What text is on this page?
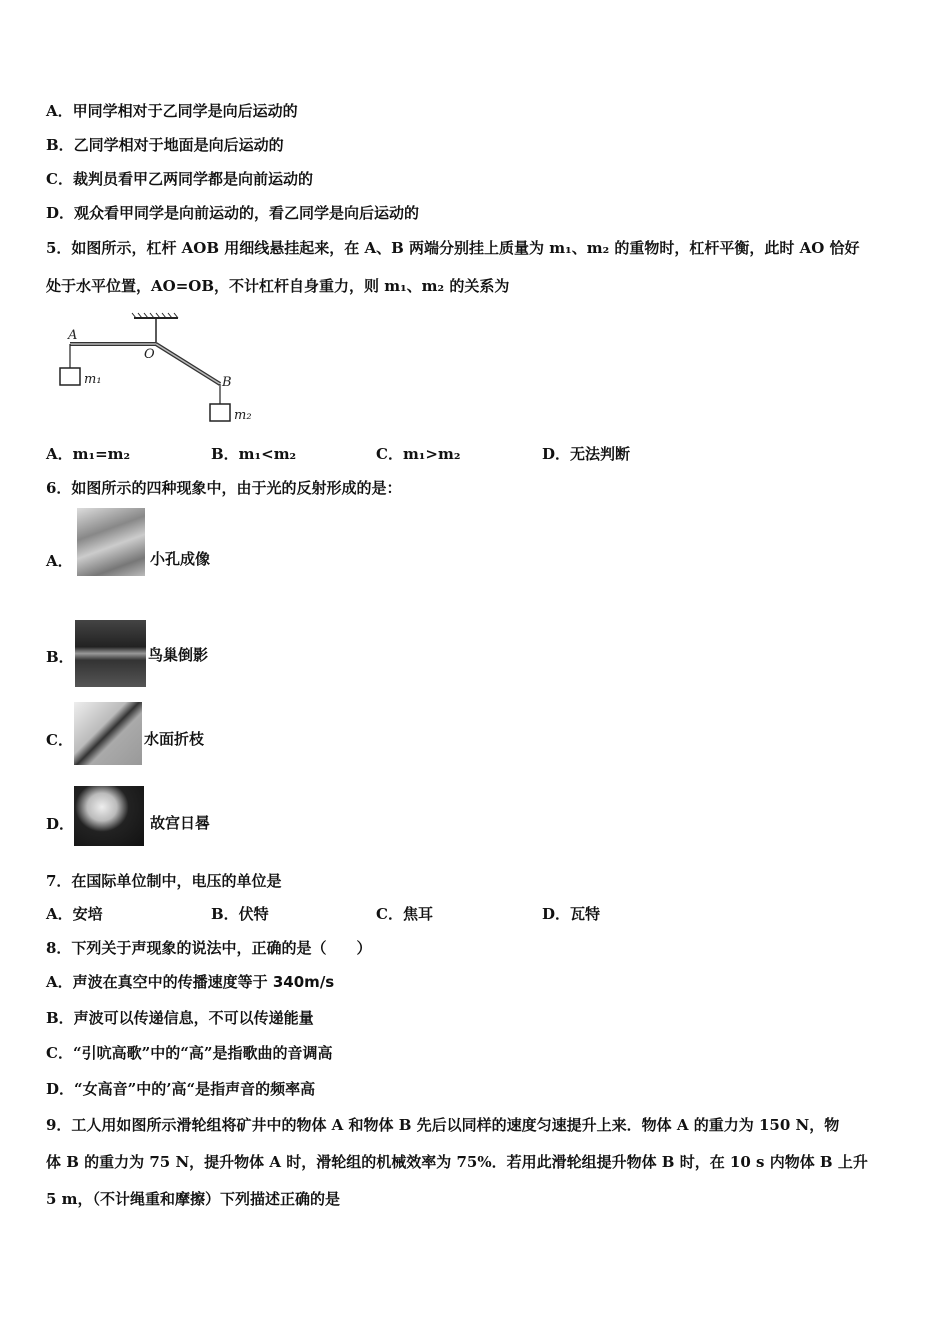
A．甲同学相对于乙同学是向后运动的
B．乙同学相对于地面是向后运动的
C．裁判员看甲乙两同学都是向前运动的
D．观众看甲同学是向前运动的，看乙同学是向后运动的
5．如图所示，杠杆 AOB 用细线悬挂起来，在 A、B 两端分别挂上质量为 m₁、m₂ 的重物时，杠杆平衡，此时 AO 恰好
处于水平位置，AO=OB，不计杠杆自身重力，则 m₁、m₂ 的关系为
A
O
B
m₁
m₂
A．m₁=m₂	B．m₁<m₂	C．m₁>m₂	D．无法判断
6．如图所示的四种现象中，由于光的反射形成的是：
A．	小孔成像
B．	鸟巢倒影
C．	水面折枝
D．	故宫日晷
7．在国际单位制中，电压的单位是
A．安培	B．伏特	C．焦耳	D．瓦特
8．下列关于声现象的说法中，正确的是（　　）
A．声波在真空中的传播速度等于 340m/s
B．声波可以传递信息，不可以传递能量
C．“引吭高歌”中的“高”是指歌曲的音调高
D．“女高音”中的’高“是指声音的频率高
9．工人用如图所示滑轮组将矿井中的物体 A 和物体 B 先后以同样的速度匀速提升上来．物体 A 的重力为 150 N，物
体 B 的重力为 75 N，提升物体 A 时，滑轮组的机械效率为 75%．若用此滑轮组提升物体 B 时，在 10 s 内物体 B 上升
5 m，（不计绳重和摩擦）下列描述正确的是
